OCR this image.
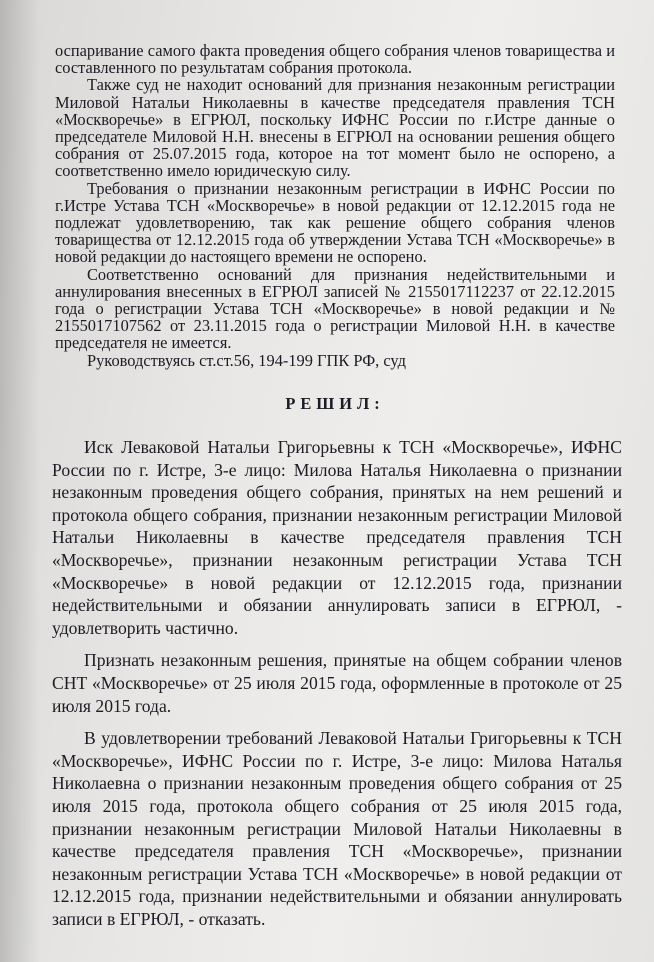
оспаривание самого факта проведения общего собрания членов товарищества и составленного по результатам собрания протокола.

Также суд не находит оснований для признания незаконным регистрации Миловой Натальи Николаевны в качестве председателя правления ТСН «Москворечье» в ЕГРЮЛ, поскольку ИФНС России по г.Истре данные о председателе Миловой Н.Н. внесены в ЕГРЮЛ на основании решения общего собрания от 25.07.2015 года, которое на тот момент было не оспорено, а соответственно имело юридическую силу.

Требования о признании незаконным регистрации в ИФНС России по г.Истре Устава ТСН «Москворечье» в новой редакции от 12.12.2015 года не подлежат удовлетворению, так как решение общего собрания членов товарищества от 12.12.2015 года об утверждении Устава ТСН «Москворечье» в новой редакции до настоящего времени не оспорено.

Соответственно оснований для признания недействительными и аннулирования внесенных в ЕГРЮЛ записей № 2155017112237 от 22.12.2015 года о регистрации Устава ТСН «Москворечье» в новой редакции и № 2155017107562 от 23.11.2015 года о регистрации Миловой Н.Н. в качестве председателя не имеется.

Руководствуясь ст.ст.56, 194-199 ГПК РФ, суд

РЕШИЛ:

Иск Леваковой Натальи Григорьевны к ТСН «Москворечье», ИФНС России по г. Истре, 3-е лицо: Милова Наталья Николаевна о признании незаконным проведения общего собрания, принятых на нем решений и протокола общего собрания, признании незаконным регистрации Миловой Натальи Николаевны в качестве председателя правления ТСН «Москворечье», признании незаконным регистрации Устава ТСН «Москворечье» в новой редакции от 12.12.2015 года, признании недействительными и обязании аннулировать записи в ЕГРЮЛ, - удовлетворить частично.

Признать незаконным решения, принятые на общем собрании членов СНТ «Москворечье» от 25 июля 2015 года, оформленные в протоколе от 25 июля 2015 года.

В удовлетворении требований Леваковой Натальи Григорьевны к ТСН «Москворечье», ИФНС России по г. Истре, 3-е лицо: Милова Наталья Николаевна о признании незаконным проведения общего собрания от 25 июля 2015 года, протокола общего собрания от 25 июля 2015 года, признании незаконным регистрации Миловой Натальи Николаевны в качестве председателя правления ТСН «Москворечье», признании незаконным регистрации Устава ТСН «Москворечье» в новой редакции от 12.12.2015 года, признании недействительными и обязании аннулировать записи в ЕГРЮЛ, - отказать.
